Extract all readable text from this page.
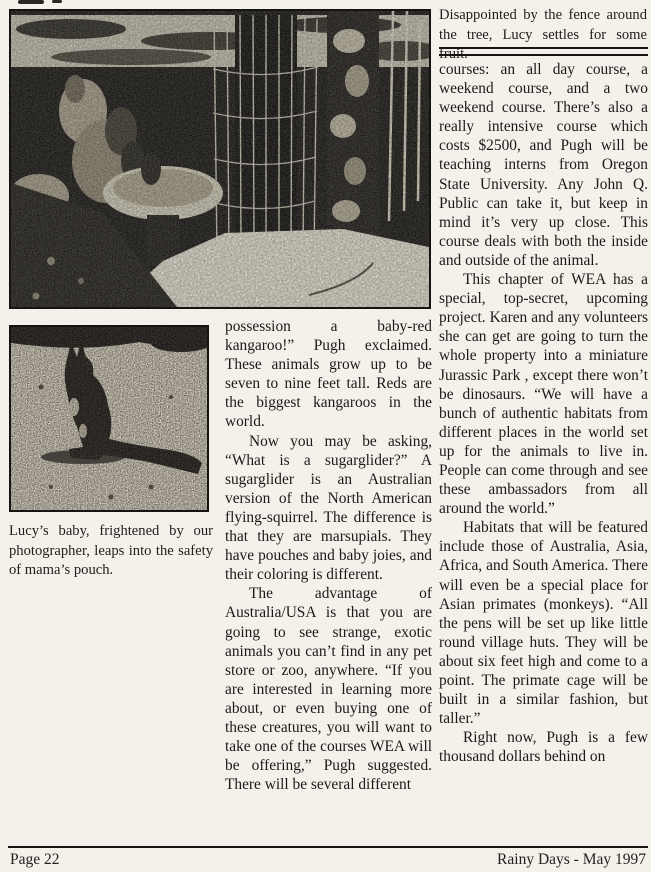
Disappointed by the fence around the tree, Lucy settles for some fruit.

courses: an all day course, a weekend course, and a two weekend course. There’s also a really intensive course which costs $2500, and Pugh will be teaching interns from Oregon State University. Any John Q. Public can take it, but keep in mind it’s very up close. This course deals with both the inside and outside of the animal.

This chapter of WEA has a special, top-secret, upcoming project. Karen and any volunteers she can get are going to turn the whole property into a miniature Jurassic Park , except there won’t be dinosaurs. “We will have a bunch of authentic habitats from different places in the world set up for the animals to live in. People can come through and see these ambassadors from all around the world.”

Habitats that will be featured include those of Australia, Asia, Africa, and South America. There will even be a special place for Asian primates (monkeys). “All the pens will be set up like little round village huts. They will be about six feet high and come to a point. The primate cage will be built in a similar fashion, but taller.”

Right now, Pugh is a few thousand dollars behind on

possession a baby-red kangaroo!” Pugh exclaimed. These animals grow up to be seven to nine feet tall. Reds are the biggest kangaroos in the world.

Now you may be asking, “What is a sugarglider?” A sugarglider is an Australian version of the North American flying-squirrel. The difference is that they are marsupials. They have pouches and baby joies, and their coloring is different.

The advantage of Australia/USA is that you are going to see strange, exotic animals you can’t find in any pet store or zoo, anywhere. “If you are interested in learning more about, or even buying one of these creatures, you will want to take one of the courses WEA will be offering,” Pugh suggested. There will be several different

Lucy’s baby, frightened by our photographer, leaps into the safety of mama’s pouch.
Page 22	Rainy Days - May 1997
